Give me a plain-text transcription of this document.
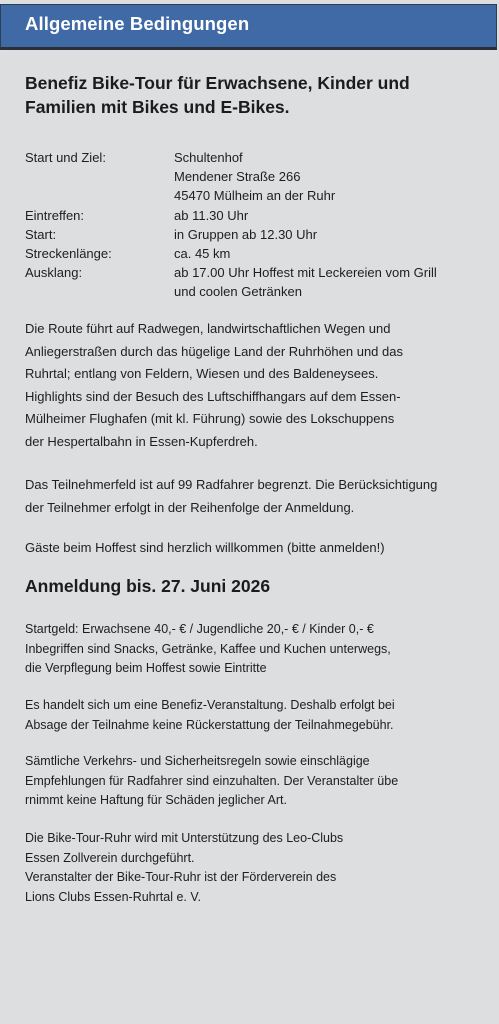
Allgemeine Bedingungen
Benefiz Bike-Tour für Erwachsene, Kinder und
Familien mit Bikes und E-Bikes.
Start und Ziel:	Schultenhof
Mendener Straße 266
45470 Mülheim an der Ruhr
Eintreffen:	ab 11.30 Uhr
Start:	in Gruppen ab 12.30 Uhr
Streckenlänge:	ca. 45 km
Ausklang:	ab 17.00 Uhr Hoffest mit Leckereien vom Grill
und coolen Getränken
Die Route führt auf Radwegen, landwirtschaftlichen Wegen und
Anliegerstraßen durch das hügelige Land der Ruhrhöhen und das
Ruhrtal; entlang von Feldern, Wiesen und des Baldeneysees.
Highlights sind der Besuch des Luftschiffhangars auf dem Essen-
Mülheimer Flughafen (mit kl. Führung) sowie des Lokschuppens
der Hespertalbahn in Essen-Kupferdreh.
Das Teilnehmerfeld ist auf 99 Radfahrer begrenzt. Die Berücksichtigung
der Teilnehmer erfolgt in der Reihenfolge der Anmeldung.
Gäste beim Hoffest sind herzlich willkommen (bitte anmelden!)
Anmeldung bis. 27. Juni 2026
Startgeld: Erwachsene 40,- € / Jugendliche 20,- € / Kinder 0,- €
Inbegriffen sind Snacks, Getränke, Kaffee und Kuchen unterwegs,
die Verpflegung beim Hoffest sowie Eintritte
Es handelt sich um eine Benefiz-Veranstaltung. Deshalb erfolgt bei
Absage der Teilnahme keine Rückerstattung der Teilnahmegebühr.
Sämtliche Verkehrs- und Sicherheitsregeln sowie einschlägige
Empfehlungen für Radfahrer sind einzuhalten. Der Veranstalter übe
rnimmt keine Haftung für Schäden jeglicher Art.
Die Bike-Tour-Ruhr wird mit Unterstützung des Leo-Clubs
Essen Zollverein durchgeführt.
Veranstalter der Bike-Tour-Ruhr ist der Förderverein des
Lions Clubs Essen-Ruhrtal e. V.
